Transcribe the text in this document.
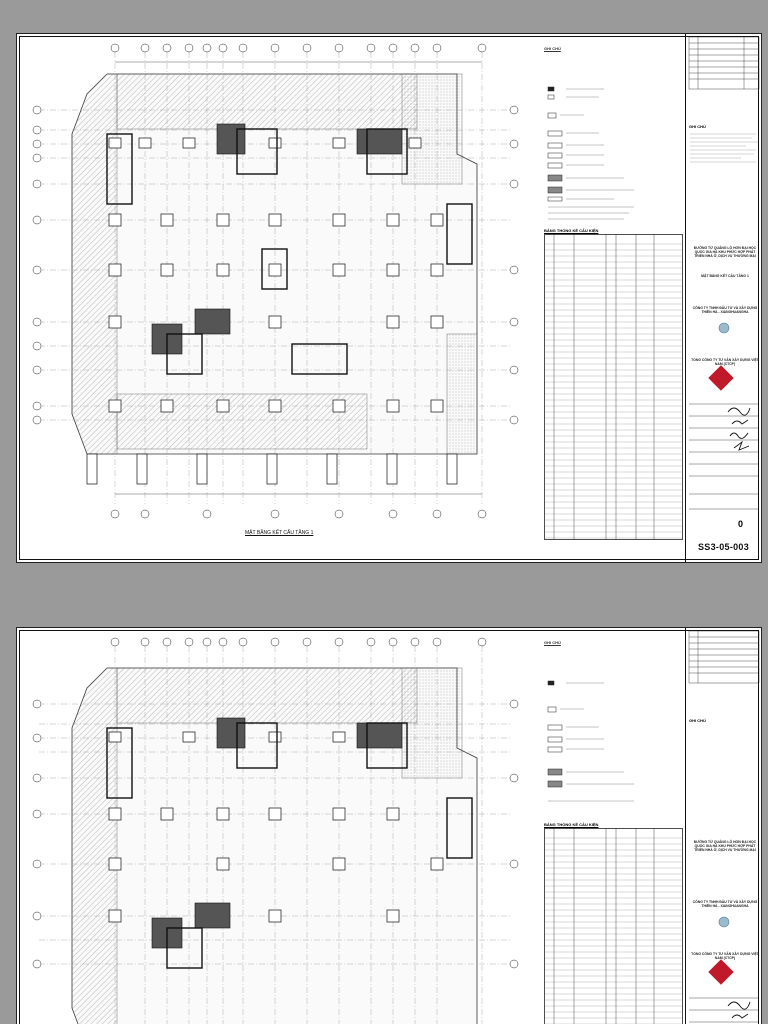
GHI CHÚ
BẢNG THỐNG KÊ CẤU KIỆN
GHI CHÚ
ĐƯỜNG TỪ QUẢNG LỘ HƠN ĐẠI HỌC QUỐC GIA HÀ KHU PHỨC HỢP PHÁT TRIỂN NHÀ Ở, DỊCH VỤ THƯƠNG MẠI
MẶT BẰNG KẾT CẤU TẦNG 1
CÔNG TY TNHH ĐẦU TƯ VÀ XÂY DỰNG THIÊN HÀ - XIANGHUANGHA
TỔNG CÔNG TY TƯ VẤN XÂY DỰNG VIỆT NAM (CTCP)
0
SS3-05-003
MẶT BẰNG KẾT CẤU TẦNG 1
GHI CHÚ
BẢNG THỐNG KÊ CẤU KIỆN
GHI CHÚ
ĐƯỜNG TỪ QUẢNG LỘ HƠN ĐẠI HỌC QUỐC GIA HÀ KHU PHỨC HỢP PHÁT TRIỂN NHÀ Ở, DỊCH VỤ THƯƠNG MẠI
CÔNG TY TNHH ĐẦU TƯ VÀ XÂY DỰNG THIÊN HÀ - XIANGHUANGHA
TỔNG CÔNG TY TƯ VẤN XÂY DỰNG VIỆT NAM (CTCP)
